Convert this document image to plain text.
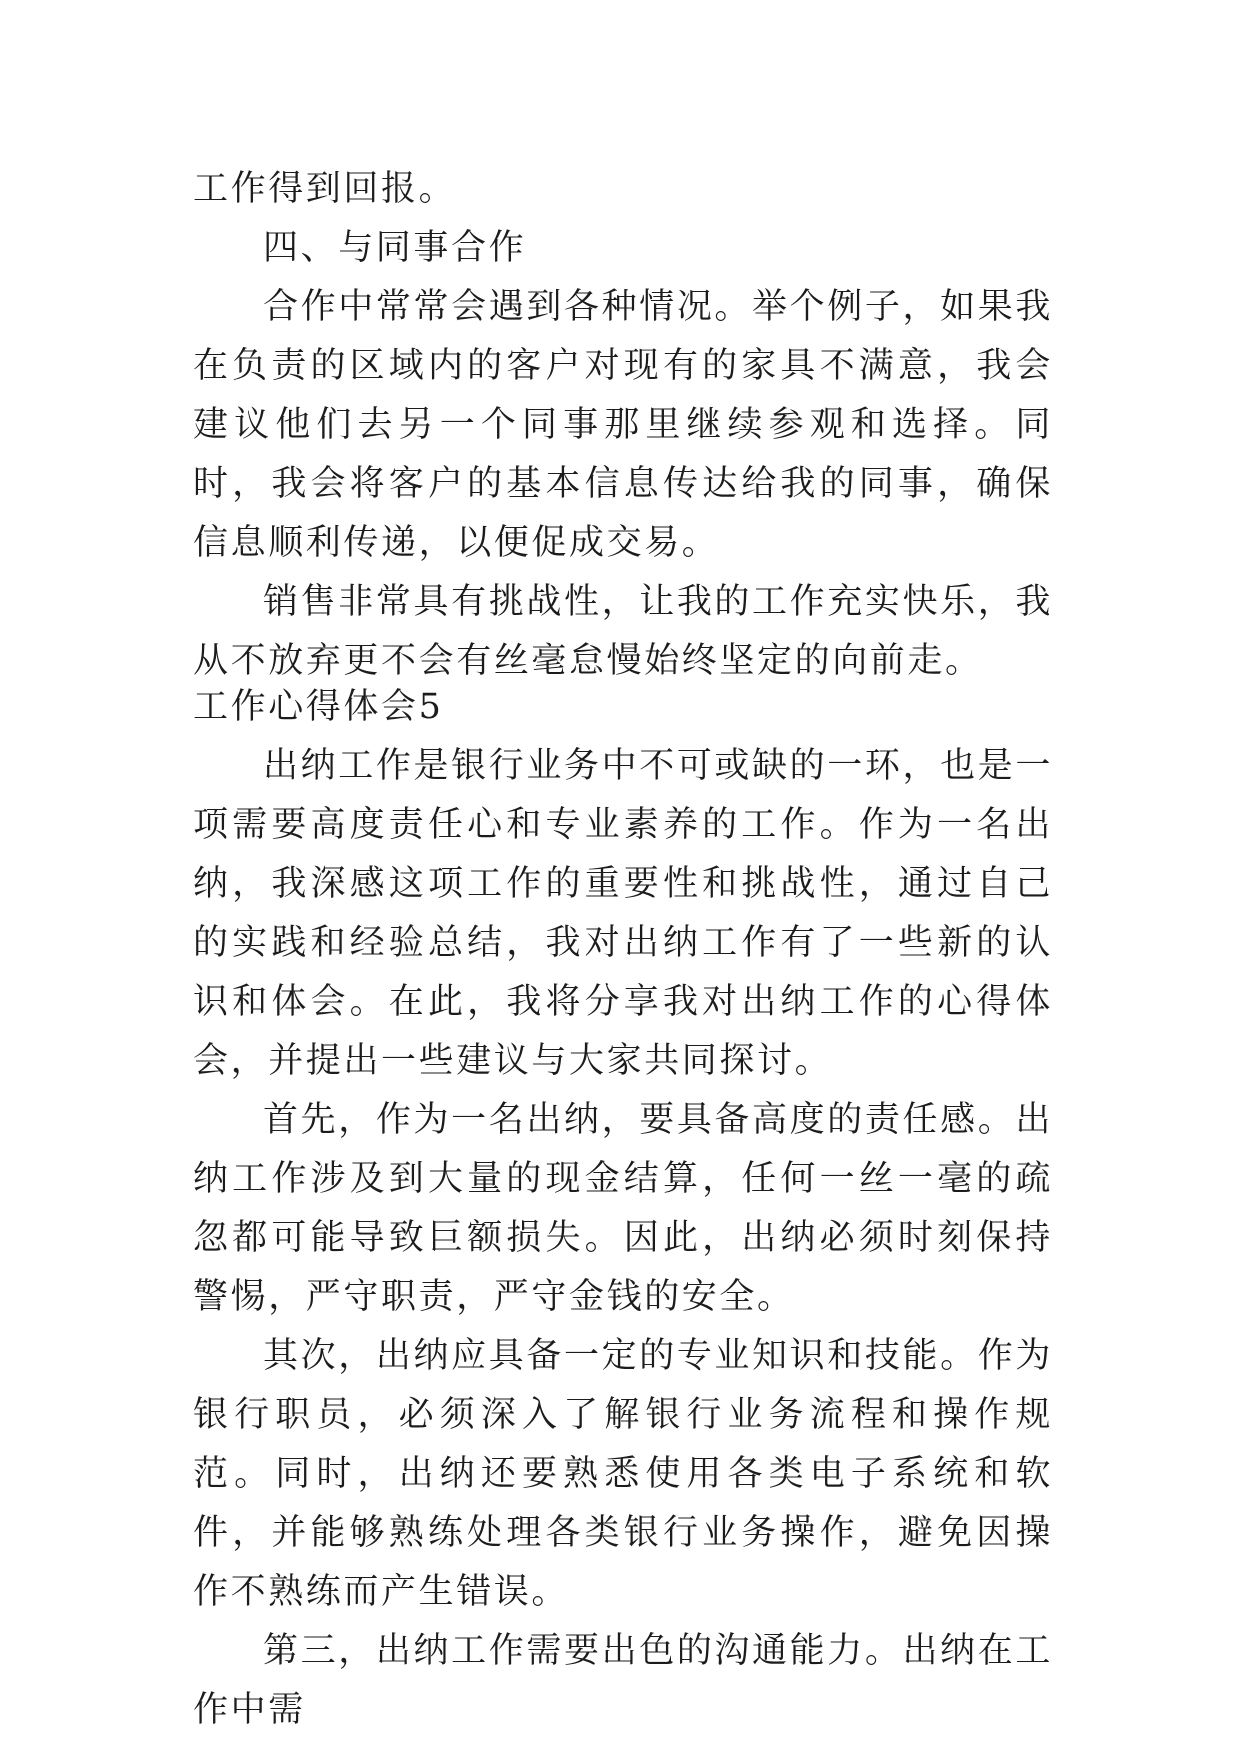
工作得到回报。

四、与同事合作

合作中常常会遇到各种情况。举个例子，如果我在负责的区域内的客户对现有的家具不满意，我会建议他们去另一个同事那里继续参观和选择。同时，我会将客户的基本信息传达给我的同事，确保信息顺利传递，以便促成交易。

销售非常具有挑战性，让我的工作充实快乐，我从不放弃更不会有丝毫怠慢始终坚定的向前走。

工作心得体会5

出纳工作是银行业务中不可或缺的一环，也是一项需要高度责任心和专业素养的工作。作为一名出纳，我深感这项工作的重要性和挑战性，通过自己的实践和经验总结，我对出纳工作有了一些新的认识和体会。在此，我将分享我对出纳工作的心得体会，并提出一些建议与大家共同探讨。

首先，作为一名出纳，要具备高度的责任感。出纳工作涉及到大量的现金结算，任何一丝一毫的疏忽都可能导致巨额损失。因此，出纳必须时刻保持警惕，严守职责，严守金钱的安全。

其次，出纳应具备一定的专业知识和技能。作为银行职员，必须深入了解银行业务流程和操作规范。同时，出纳还要熟悉使用各类电子系统和软件，并能够熟练处理各类银行业务操作，避免因操作不熟练而产生错误。

第三，出纳工作需要出色的沟通能力。出纳在工作中需
